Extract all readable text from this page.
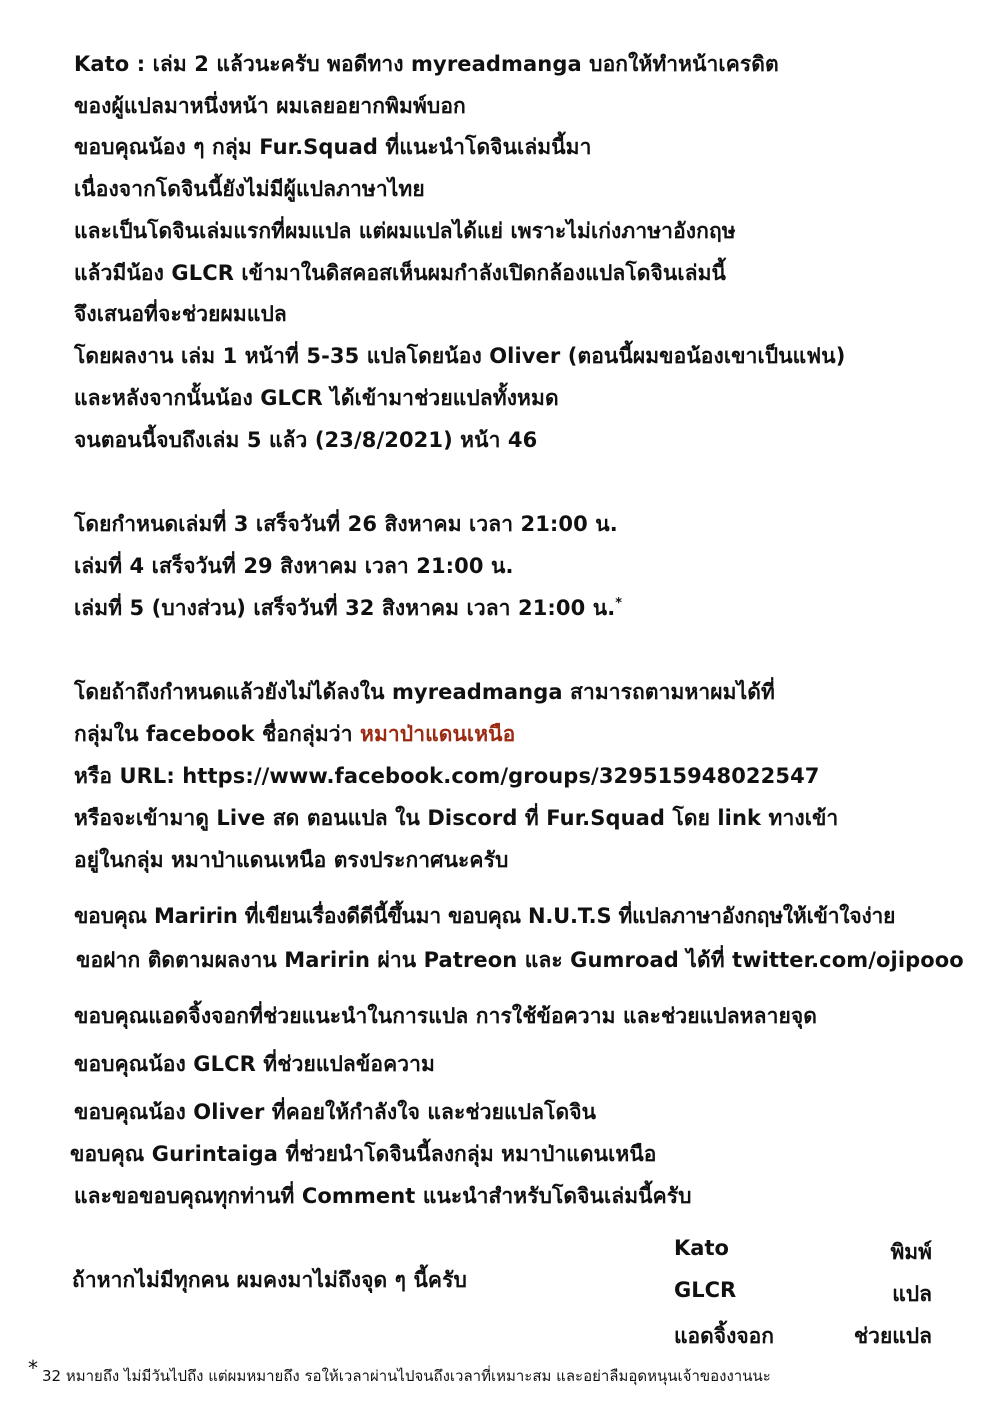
Kato : เล่ม 2 แล้วนะครับ พอดีทาง myreadmanga บอกให้ทำหน้าเครดิต
ของผู้แปลมาหนึ่งหน้า ผมเลยอยากพิมพ์บอก
ขอบคุณน้อง ๆ กลุ่ม Fur.Squad ที่แนะนำโดจินเล่มนี้มา
เนื่องจากโดจินนี้ยังไม่มีผู้แปลภาษาไทย
และเป็นโดจินเล่มแรกที่ผมแปล แต่ผมแปลได้แย่ เพราะไม่เก่งภาษาอังกฤษ
แล้วมีน้อง GLCR เข้ามาในดิสคอสเห็นผมกำลังเปิดกล้องแปลโดจินเล่มนี้
จึงเสนอที่จะช่วยผมแปล
โดยผลงาน เล่ม 1 หน้าที่ 5-35 แปลโดยน้อง Oliver (ตอนนี้ผมขอน้องเขาเป็นแฟน)
และหลังจากนั้นน้อง GLCR ได้เข้ามาช่วยแปลทั้งหมด
จนตอนนี้จบถึงเล่ม 5 แล้ว (23/8/2021) หน้า 46
โดยกำหนดเล่มที่ 3 เสร็จวันที่ 26 สิงหาคม เวลา 21:00 น.
เล่มที่ 4 เสร็จวันที่ 29 สิงหาคม เวลา 21:00 น.
เล่มที่ 5 (บางส่วน) เสร็จวันที่ 32 สิงหาคม เวลา 21:00 น.*
โดยถ้าถึงกำหนดแล้วยังไม่ได้ลงใน myreadmanga สามารถตามหาผมได้ที่
กลุ่มใน facebook ชื่อกลุ่มว่า หมาป่าแดนเหนือ
หรือ URL: https://www.facebook.com/groups/329515948022547
หรือจะเข้ามาดู Live สด ตอนแปล ใน Discord ที่ Fur.Squad โดย link ทางเข้า
อยู่ในกลุ่ม หมาป่าแดนเหนือ ตรงประกาศนะครับ
ขอบคุณ Maririn ที่เขียนเรื่องดีดีนี้ขึ้นมา ขอบคุณ N.U.T.S ที่แปลภาษาอังกฤษให้เข้าใจง่าย
ขอฝาก ติดตามผลงาน Maririn ผ่าน Patreon และ Gumroad ได้ที่ twitter.com/ojipooo
ขอบคุณแอดจิ้งจอกที่ช่วยแนะนำในการแปล การใช้ข้อความ และช่วยแปลหลายจุด
ขอบคุณน้อง GLCR ที่ช่วยแปลข้อความ
ขอบคุณน้อง Oliver ที่คอยให้กำลังใจ และช่วยแปลโดจิน
ขอบคุณ Gurintaiga ที่ช่วยนำโดจินนี้ลงกลุ่ม หมาป่าแดนเหนือ
และขอขอบคุณทุกท่านที่ Comment แนะนำสำหรับโดจินเล่มนี้ครับ
ถ้าหากไม่มีทุกคน ผมคงมาไม่ถึงจุด ๆ นี้ครับ
Kato	พิมพ์
GLCR	แปล
แอดจิ้งจอก	ช่วยแปล
* 32 หมายถึง ไม่มีวันไปถึง แต่ผมหมายถึง รอให้เวลาผ่านไปจนถึงเวลาที่เหมาะสม และอย่าลืมอุดหนุนเจ้าของงานนะ
